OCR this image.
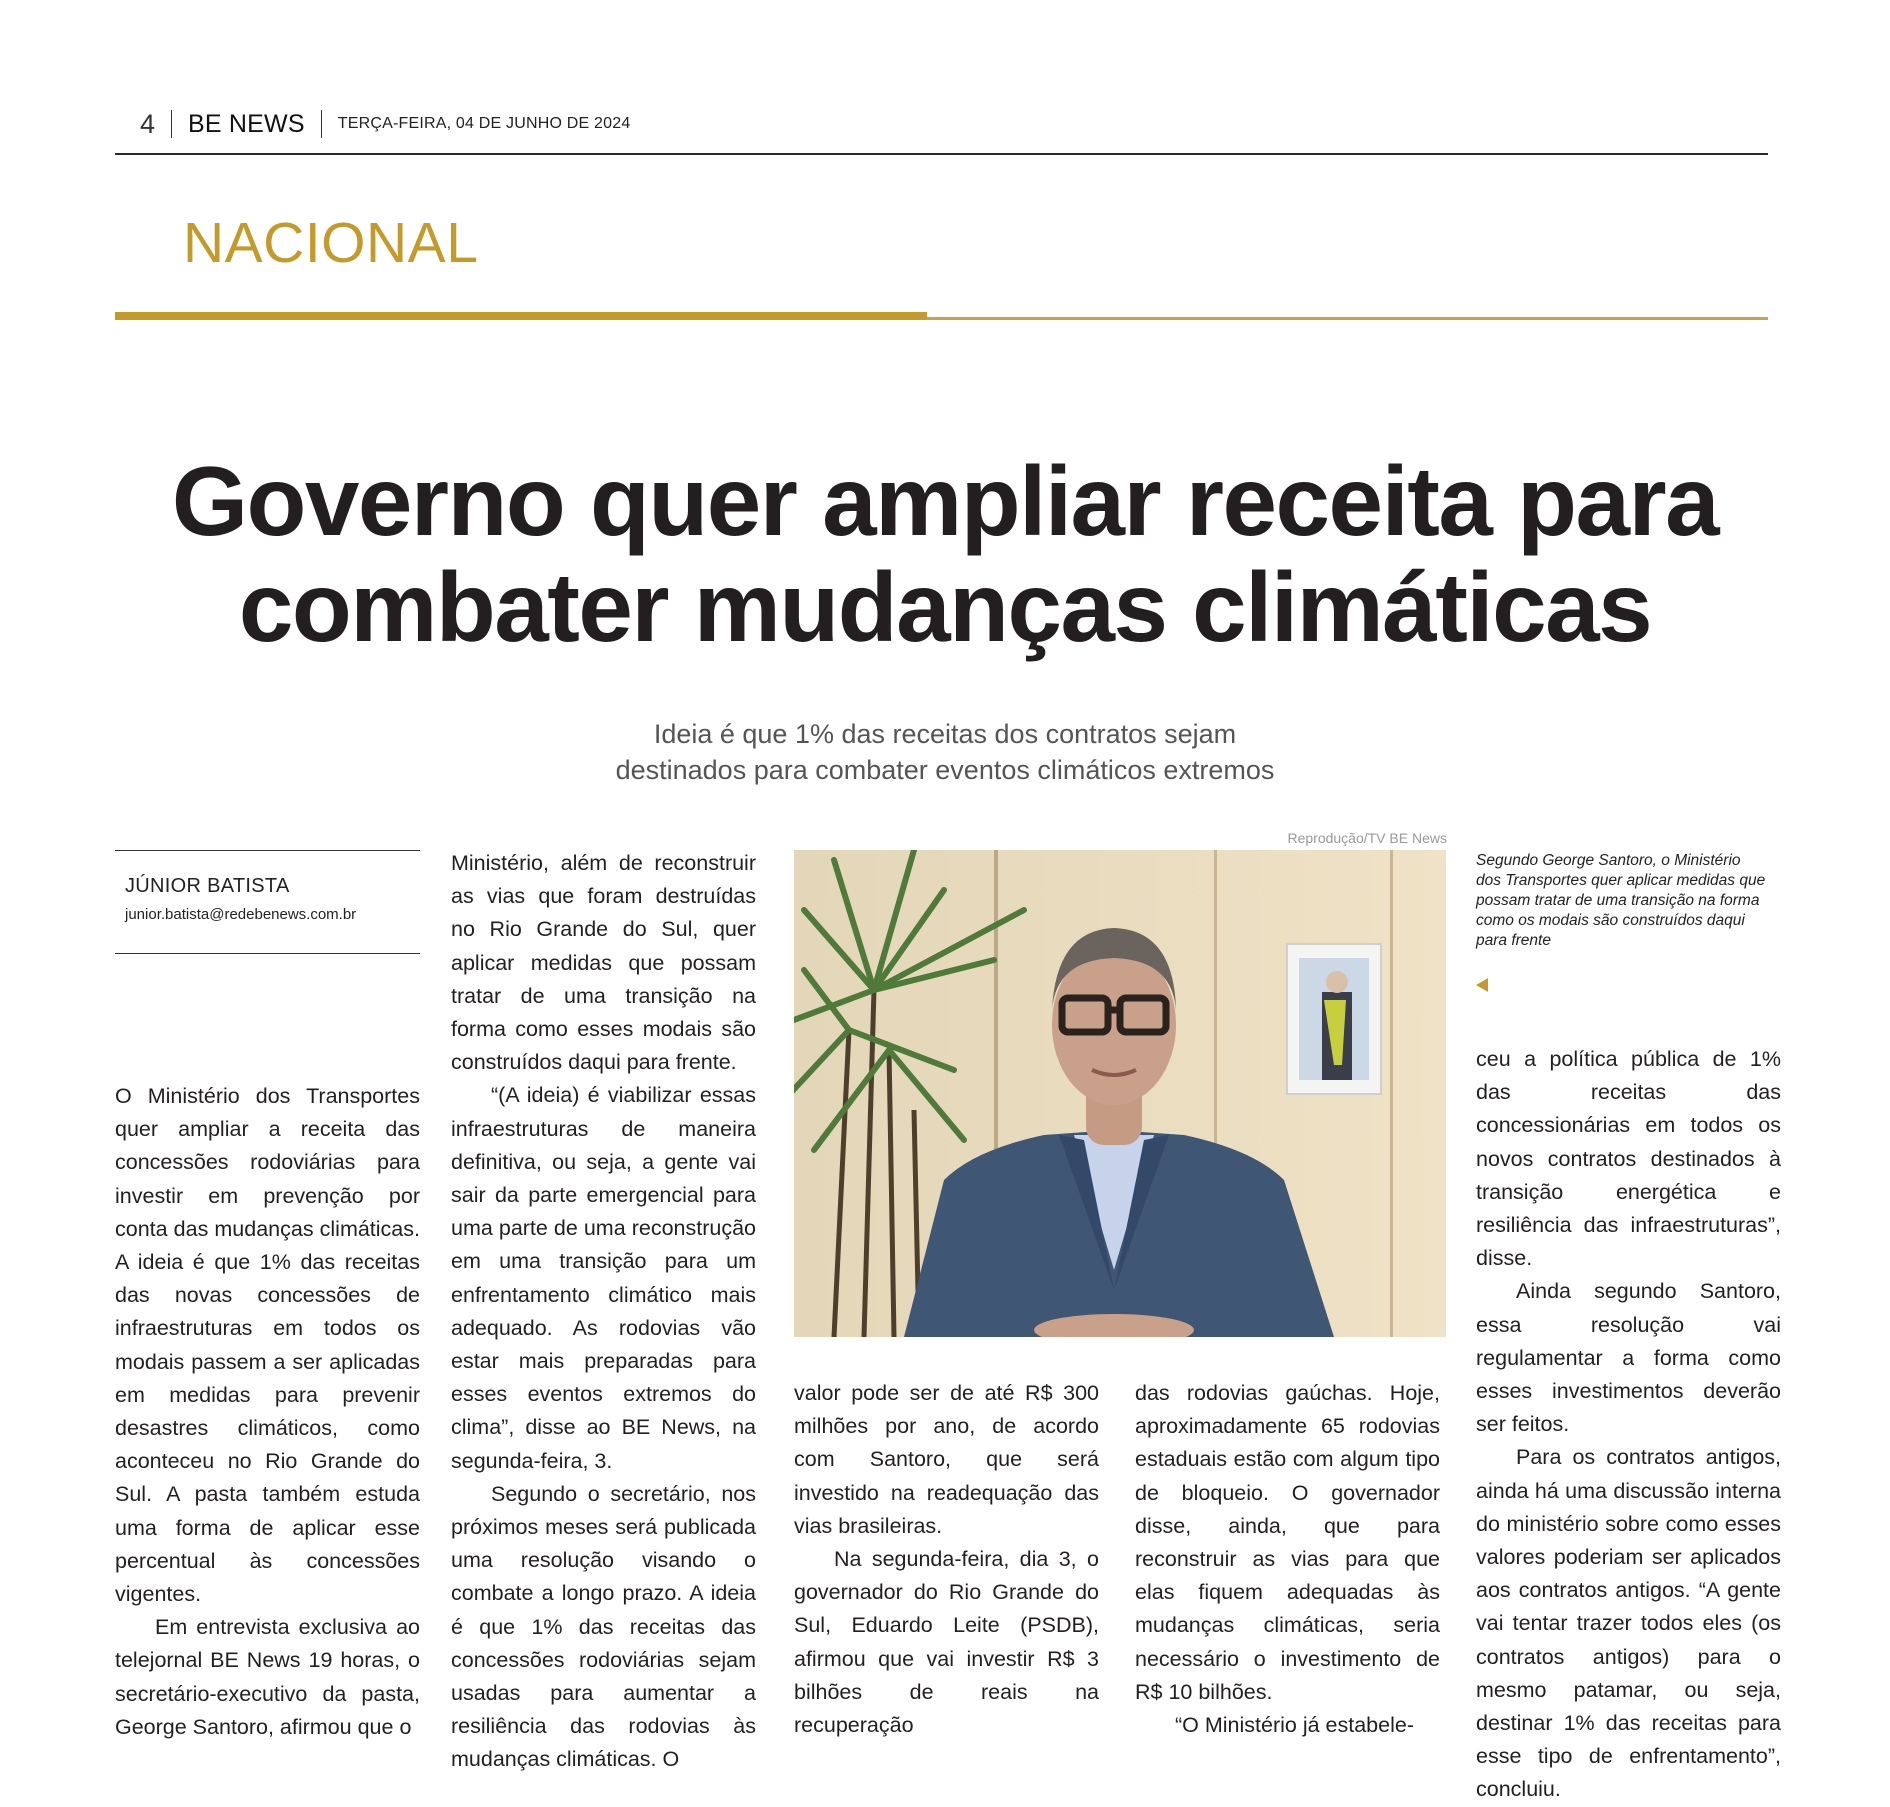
4 BE NEWS TERÇA-FEIRA, 04 DE JUNHO DE 2024
NACIONAL
Governo quer ampliar receita para
combater mudanças climáticas
Ideia é que 1% das receitas dos contratos sejam
destinados para combater eventos climáticos extremos
JÚNIOR BATISTA
junior.batista@redebenews.com.br

O Ministério dos Transportes quer ampliar a receita das concessões rodoviárias para investir em prevenção por conta das mudanças climáticas. A ideia é que 1% das receitas das novas concessões de infraestruturas em todos os modais passem a ser aplicadas em medidas para prevenir desastres climáticos, como aconteceu no Rio Grande do Sul. A pasta também estuda uma forma de aplicar esse percentual às concessões vigentes.

Em entrevista exclusiva ao telejornal BE News 19 horas, o secretário-executivo da pasta, George Santoro, afirmou que o

Ministério, além de reconstruir as vias que foram destruídas no Rio Grande do Sul, quer aplicar medidas que possam tratar de uma transição na forma como esses modais são construídos daqui para frente.

“(A ideia) é viabilizar essas infraestruturas de maneira definitiva, ou seja, a gente vai sair da parte emergencial para uma parte de uma reconstrução em uma transição para um enfrentamento climático mais adequado. As rodovias vão estar mais preparadas para esses eventos extremos do clima”, disse ao BE News, na segunda-feira, 3.

Segundo o secretário, nos próximos meses será publicada uma resolução visando o combate a longo prazo. A ideia é que 1% das receitas das concessões rodoviárias sejam usadas para aumentar a resiliência das rodovias às mudanças climáticas. O

Reprodução/TV BE News
Segundo George Santoro, o Ministério dos Transportes quer aplicar medidas que possam tratar de uma transição na forma como os modais são construídos daqui para frente

valor pode ser de até R$ 300 milhões por ano, de acordo com Santoro, que será investido na readequação das vias brasileiras.

Na segunda-feira, dia 3, o governador do Rio Grande do Sul, Eduardo Leite (PSDB), afirmou que vai investir R$ 3 bilhões de reais na recuperação

das rodovias gaúchas. Hoje, aproximadamente 65 rodovias estaduais estão com algum tipo de bloqueio. O governador disse, ainda, que para reconstruir as vias para que elas fiquem adequadas às mudanças climáticas, seria necessário o investimento de R$ 10 bilhões.

“O Ministério já estabele-

ceu a política pública de 1% das receitas das concessionárias em todos os novos contratos destinados à transição energética e resiliência das infraestruturas”, disse.

Ainda segundo Santoro, essa resolução vai regulamentar a forma como esses investimentos deverão ser feitos.

Para os contratos antigos, ainda há uma discussão interna do ministério sobre como esses valores poderiam ser aplicados aos contratos antigos. “A gente vai tentar trazer todos eles (os contratos antigos) para o mesmo patamar, ou seja, destinar 1% das receitas para esse tipo de enfrentamento”, concluiu.
